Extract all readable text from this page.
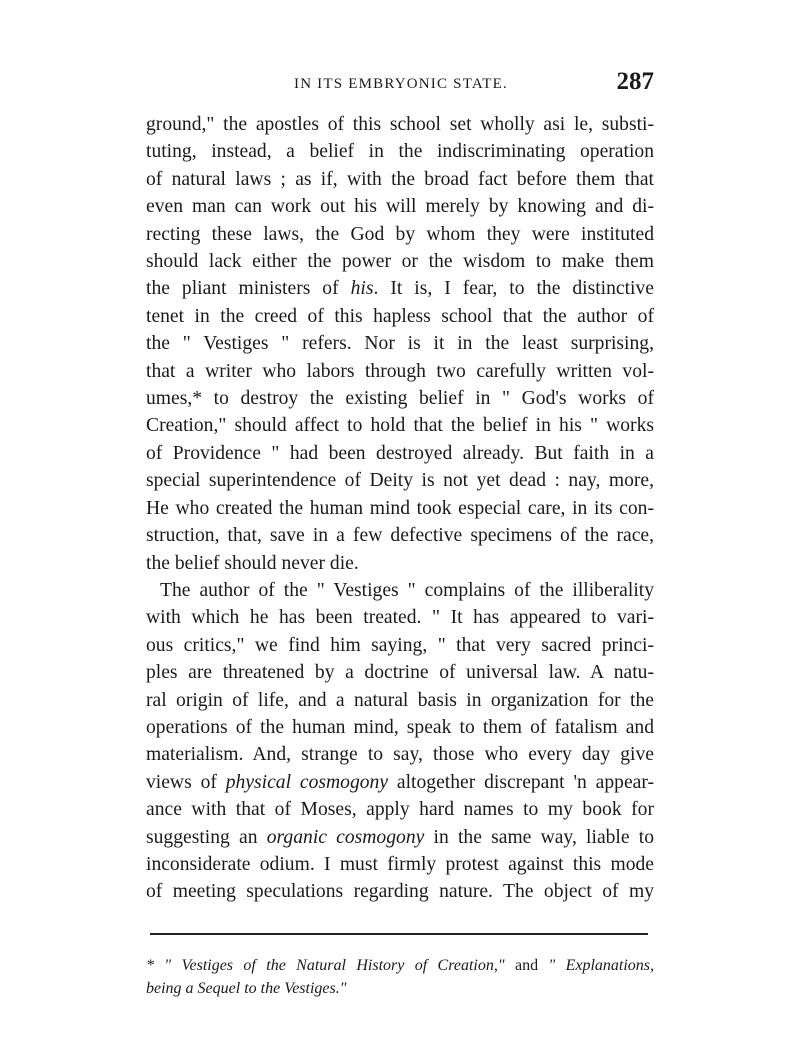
IN ITS EMBRYONIC STATE.	287
ground," the apostles of this school set wholly asi le, substi-
tuting, instead, a belief in the indiscriminating operation
of natural laws ; as if, with the broad fact before them that
even man can work out his will merely by knowing and di-
recting these laws, the God by whom they were instituted
should lack either the power or the wisdom to make them
the pliant ministers of his. It is, I fear, to the distinctive
tenet in the creed of this hapless school that the author of
the " Vestiges " refers. Nor is it in the least surprising,
that a writer who labors through two carefully written vol-
umes,* to destroy the existing belief in " God's works of
Creation," should affect to hold that the belief in his " works
of Providence " had been destroyed already. But faith in a
special superintendence of Deity is not yet dead : nay, more,
He who created the human mind took especial care, in its con-
struction, that, save in a few defective specimens of the race,
the belief should never die.
The author of the " Vestiges " complains of the illiberality
with which he has been treated. " It has appeared to vari-
ous critics," we find him saying, " that very sacred princi-
ples are threatened by a doctrine of universal law. A natu-
ral origin of life, and a natural basis in organization for the
operations of the human mind, speak to them of fatalism and
materialism. And, strange to say, those who every day give
views of physical cosmogony altogether discrepant 'n appear-
ance with that of Moses, apply hard names to my book for
suggesting an organic cosmogony in the same way, liable to
inconsiderate odium. I must firmly protest against this mode
of meeting speculations regarding nature. The object of my
* " Vestiges of the Natural History of Creation," and " Explanations,
being a Sequel to the Vestiges."
